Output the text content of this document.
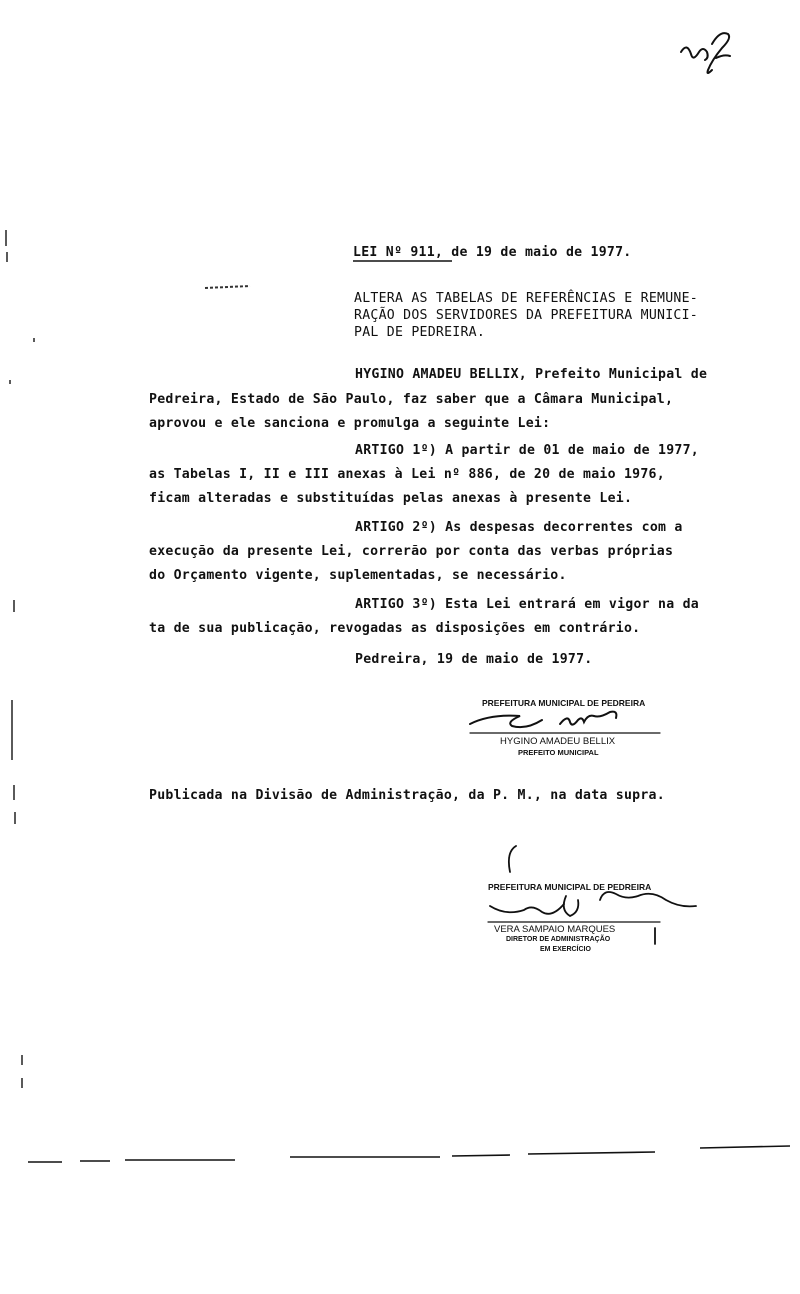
LEI Nº 911, de 19 de maio de 1977.
ALTERA AS TABELAS DE REFERÊNCIAS E REMUNE-
RAÇÃO DOS SERVIDORES DA PREFEITURA MUNICI-
PAL DE PEDREIRA.
HYGINO AMADEU BELLIX, Prefeito Municipal de
Pedreira, Estado de São Paulo, faz saber que a Câmara Municipal,
aprovou e ele sanciona e promulga a seguinte Lei:
ARTIGO 1º) A partir de 01 de maio de 1977,
as Tabelas I, II e III anexas à Lei nº 886, de 20 de maio 1976,
ficam alteradas e substituídas pelas anexas à presente Lei.
ARTIGO 2º) As despesas decorrentes com a
execução da presente Lei, correrão por conta das verbas próprias
do Orçamento vigente, suplementadas, se necessário.
ARTIGO 3º) Esta Lei entrará em vigor na da
ta de sua publicação, revogadas as disposições em contrário.
Pedreira, 19 de maio de 1977.
PREFEITURA MUNICIPAL DE PEDREIRA
HYGINO AMADEU BELLIX
PREFEITO MUNICIPAL
Publicada na Divisão de Administração, da P. M., na data supra.
PREFEITURA MUNICIPAL DE PEDREIRA
VERA SAMPAIO MARQUES
DIRETOR DE ADMINISTRAÇÃO
EM EXERCÍCIO
